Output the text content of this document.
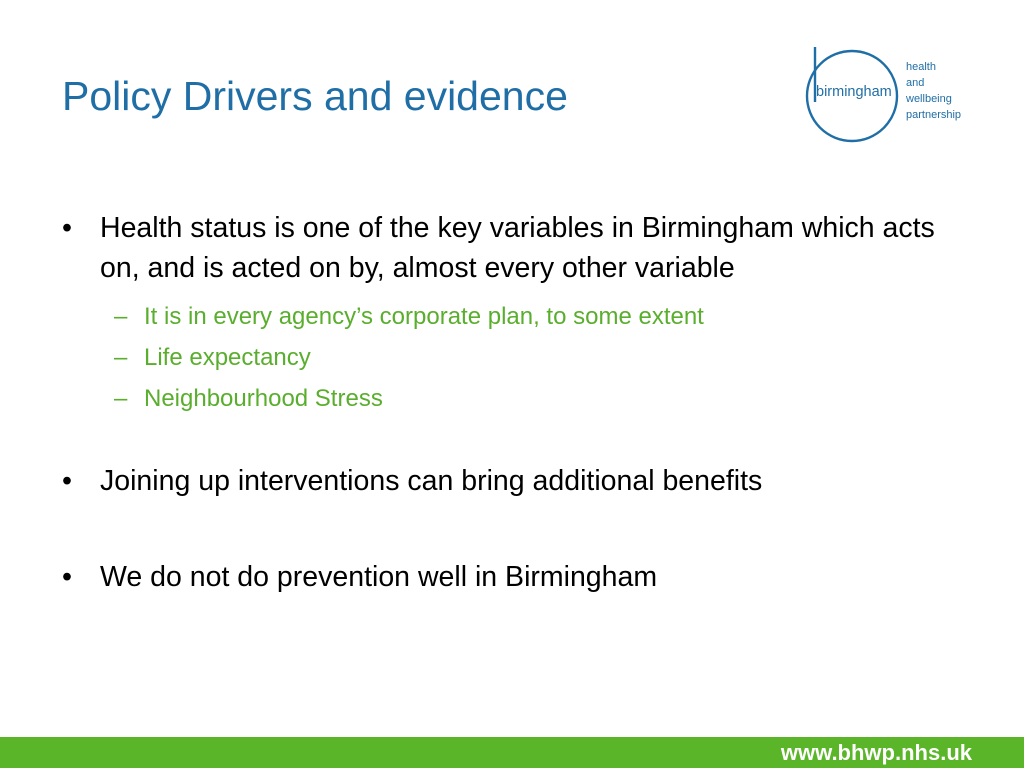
Policy Drivers and evidence	birmingham
health
and
wellbeing
partnership
• Health status is one of the key variables in Birmingham which acts on, and is acted on by, almost every other variable
– It is in every agency’s corporate plan, to some extent
– Life expectancy
– Neighbourhood Stress
• Joining up interventions can bring additional benefits
• We do not do prevention well in Birmingham
www.bhwp.nhs.uk
